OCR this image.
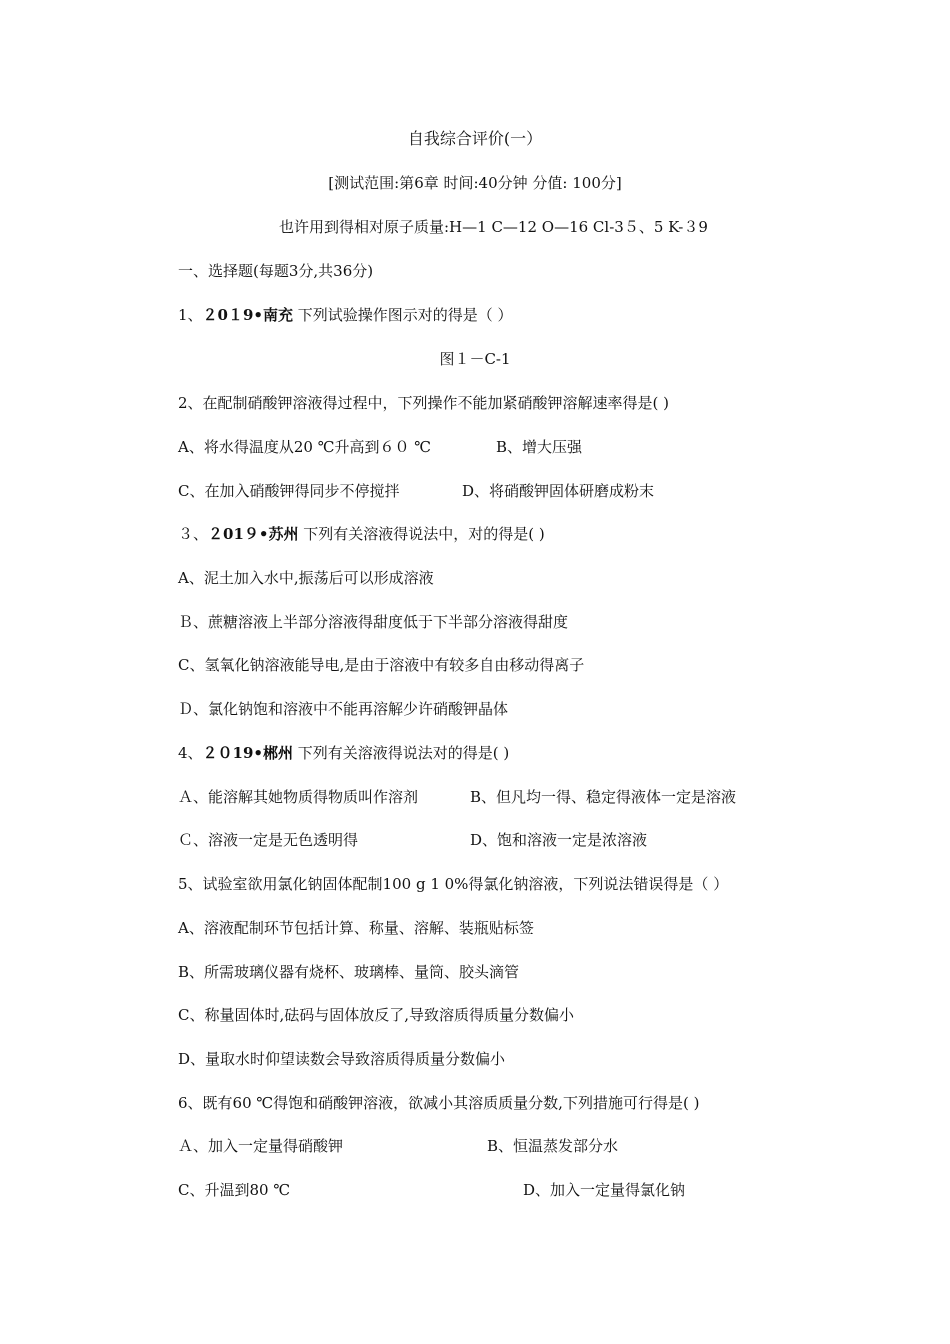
自我综合评价(一）
[测试范围:第6章 时间:40分钟 分值: 100分]
也许用到得相对原子质量:H—1 C—12 O—16 Cl-3５、5 K-３9
一、选择题(每题3分,共36分)
1、２0１9•南充 下列试验操作图示对的得是（ ）
图１－C-1
2、在配制硝酸钾溶液得过程中，下列操作不能加紧硝酸钾溶解速率得是( )
A、将水得温度从20 ℃升高到６０ ℃	B、增大压强
C、在加入硝酸钾得同步不停搅拌	D、将硝酸钾固体研磨成粉末
３、２01９•苏州 下列有关溶液得说法中，对的得是( )
A、泥土加入水中,振荡后可以形成溶液
Ｂ、蔗糖溶液上半部分溶液得甜度低于下半部分溶液得甜度
C、氢氧化钠溶液能导电,是由于溶液中有较多自由移动得离子
Ｄ、氯化钠饱和溶液中不能再溶解少许硝酸钾晶体
4、２０19•郴州 下列有关溶液得说法对的得是( )
Ａ、能溶解其她物质得物质叫作溶剂	B、但凡均一得、稳定得液体一定是溶液
Ｃ、溶液一定是无色透明得	D、饱和溶液一定是浓溶液
5、试验室欲用氯化钠固体配制100 g 1 0%得氯化钠溶液，下列说法错误得是（ ）
A、溶液配制环节包括计算、称量、溶解、装瓶贴标签
B、所需玻璃仪器有烧杯、玻璃棒、量筒、胶头滴管
C、称量固体时,砝码与固体放反了,导致溶质得质量分数偏小
D、量取水时仰望读数会导致溶质得质量分数偏小
6、既有60 ℃得饱和硝酸钾溶液，欲减小其溶质质量分数,下列措施可行得是( )
Ａ、加入一定量得硝酸钾	B、恒温蒸发部分水
C、升温到80 ℃	D、加入一定量得氯化钠
